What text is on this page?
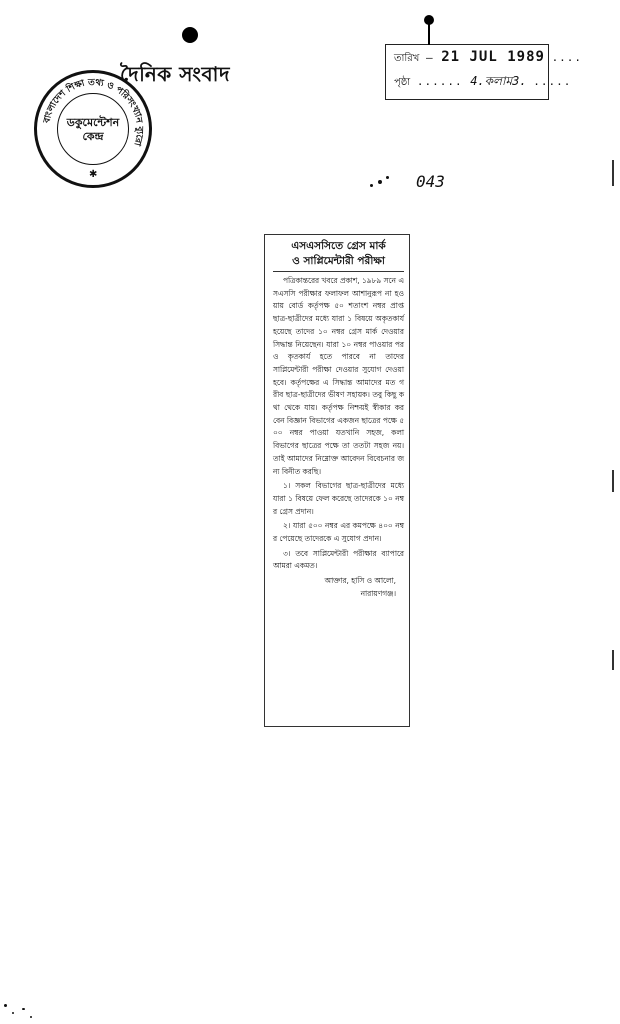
তারিখ — 21 JUL 1989 ....
পৃষ্ঠা ...... 4.কলাম3. .....
বাংলাদেশ শিক্ষা তথ্য ও পরিসংখ্যান ব্যুরো
ডকুমেন্টেশন
কেন্দ্র
✱
দৈনিক সংবাদ
043
এসএসসিতে গ্রেস মার্ক
ও সাপ্লিমেন্টারী পরীক্ষা

পত্রিকান্তরের খবরে প্রকাশ, ১৯৮৯ সনে এসএসসি পরীক্ষার ফলাফল আশানুরূপ না হওয়ায় বোর্ড কর্তৃপক্ষ ৫০ শতাংশ নম্বর প্রাপ্ত ছাত্র-ছাত্রীদের মধ্যে যারা ১ বিষয়ে অকৃতকার্য হয়েছে তাদের ১০ নম্বর গ্রেস মার্ক দেওয়ার সিদ্ধান্ত নিয়েছেন। যারা ১০ নম্বর পাওয়ার পরও কৃতকার্য হতে পারবে না তাদের সাপ্লিমেন্টারী পরীক্ষা দেওয়ার সুযোগ দেওয়া হবে। কর্তৃপক্ষের এ সিদ্ধান্ত আমাদের মত গরীব ছাত্র-ছাত্রীদের ভীষণ সহায়ক। তবু কিছু কথা থেকে যায়। কর্তৃপক্ষ নিশ্চয়ই স্বীকার করবেন বিজ্ঞান বিভাগের একজন ছাত্রের পক্ষে ৫০০ নম্বর পাওয়া যতখানি সহজ, কলা বিভাগের ছাত্রের পক্ষে তা ততটা সহজ নয়। তাই আমাদের নিম্নোক্ত আবেদন বিবেচনার জন্য বিনীত করছি।

১। সকল বিভাগের ছাত্র-ছাত্রীদের মধ্যে যারা ১ বিষয়ে ফেল করেছে তাদেরকে ১০ নম্বর গ্রেস প্রদান।

২। যারা ৫০০ নম্বর এর কমপক্ষে ৪০০ নম্বর পেয়েছে তাদেরকে এ সুযোগ প্রদান।

৩। তবে সাপ্লিমেন্টারী পরীক্ষার ব্যাপারে আমরা একমত।

আক্তার, হাসি ও আলো,
নারায়ণগঞ্জ।
